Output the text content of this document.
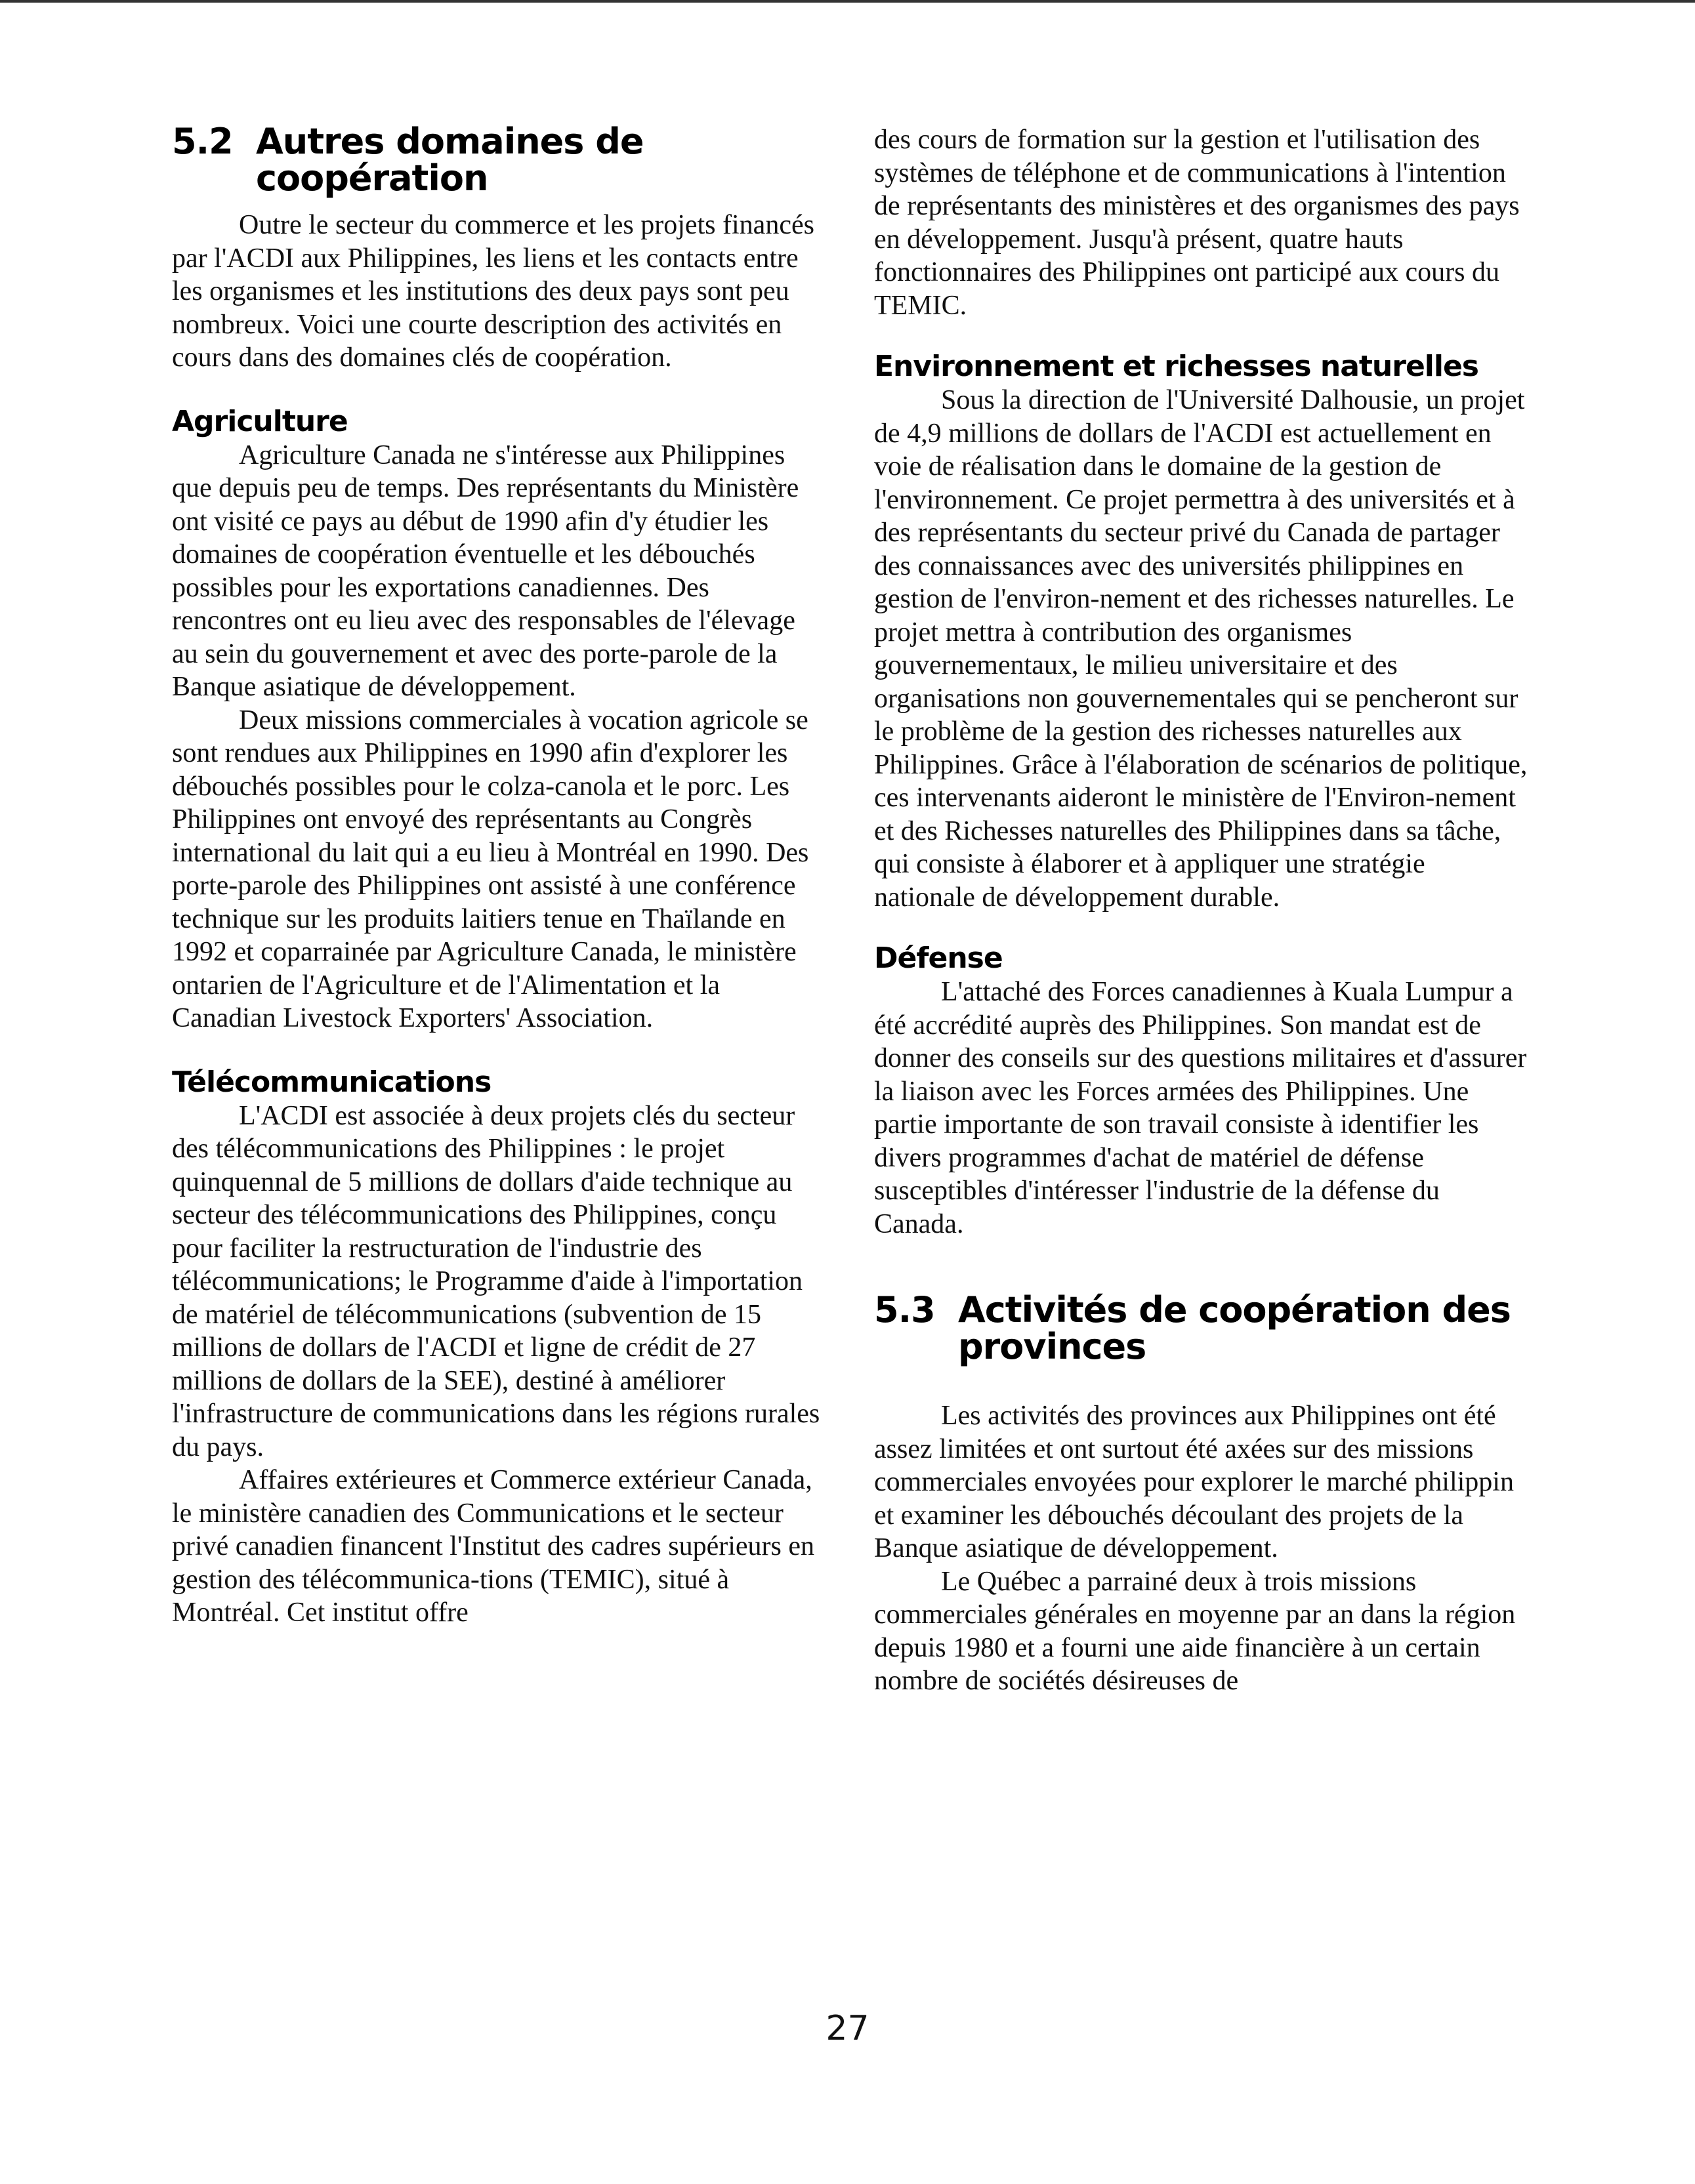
5.2 Autres domaines de coopération

Outre le secteur du commerce et les projets financés par l'ACDI aux Philippines, les liens et les contacts entre les organismes et les institutions des deux pays sont peu nombreux. Voici une courte description des activités en cours dans des domaines clés de coopération.

Agriculture

Agriculture Canada ne s'intéresse aux Philippines que depuis peu de temps. Des représentants du Ministère ont visité ce pays au début de 1990 afin d'y étudier les domaines de coopération éventuelle et les débouchés possibles pour les exportations canadiennes. Des rencontres ont eu lieu avec des responsables de l'élevage au sein du gouvernement et avec des porte-parole de la Banque asiatique de développement.

Deux missions commerciales à vocation agricole se sont rendues aux Philippines en 1990 afin d'explorer les débouchés possibles pour le colza-canola et le porc. Les Philippines ont envoyé des représentants au Congrès international du lait qui a eu lieu à Montréal en 1990. Des porte-parole des Philippines ont assisté à une conférence technique sur les produits laitiers tenue en Thaïlande en 1992 et coparrainée par Agriculture Canada, le ministère ontarien de l'Agriculture et de l'Alimentation et la Canadian Livestock Exporters' Association.

Télécommunications

L'ACDI est associée à deux projets clés du secteur des télécommunications des Philippines : le projet quinquennal de 5 millions de dollars d'aide technique au secteur des télécommunications des Philippines, conçu pour faciliter la restructuration de l'industrie des télécommunications; le Programme d'aide à l'importation de matériel de télécommunications (subvention de 15 millions de dollars de l'ACDI et ligne de crédit de 27 millions de dollars de la SEE), destiné à améliorer l'infrastructure de communications dans les régions rurales du pays.

Affaires extérieures et Commerce extérieur Canada, le ministère canadien des Communications et le secteur privé canadien financent l'Institut des cadres supérieurs en gestion des télécommunica-tions (TEMIC), situé à Montréal. Cet institut offre

des cours de formation sur la gestion et l'utilisation des systèmes de téléphone et de communications à l'intention de représentants des ministères et des organismes des pays en développement. Jusqu'à présent, quatre hauts fonctionnaires des Philippines ont participé aux cours du TEMIC.

Environnement et richesses naturelles

Sous la direction de l'Université Dalhousie, un projet de 4,9 millions de dollars de l'ACDI est actuellement en voie de réalisation dans le domaine de la gestion de l'environnement. Ce projet permettra à des universités et à des représentants du secteur privé du Canada de partager des connaissances avec des universités philippines en gestion de l'environ-nement et des richesses naturelles. Le projet mettra à contribution des organismes gouvernementaux, le milieu universitaire et des organisations non gouvernementales qui se pencheront sur le problème de la gestion des richesses naturelles aux Philippines. Grâce à l'élaboration de scénarios de politique, ces intervenants aideront le ministère de l'Environ-nement et des Richesses naturelles des Philippines dans sa tâche, qui consiste à élaborer et à appliquer une stratégie nationale de développement durable.

Défense

L'attaché des Forces canadiennes à Kuala Lumpur a été accrédité auprès des Philippines. Son mandat est de donner des conseils sur des questions militaires et d'assurer la liaison avec les Forces armées des Philippines. Une partie importante de son travail consiste à identifier les divers programmes d'achat de matériel de défense susceptibles d'intéresser l'industrie de la défense du Canada.

5.3 Activités de coopération des provinces

Les activités des provinces aux Philippines ont été assez limitées et ont surtout été axées sur des missions commerciales envoyées pour explorer le marché philippin et examiner les débouchés découlant des projets de la Banque asiatique de développement.

Le Québec a parrainé deux à trois missions commerciales générales en moyenne par an dans la région depuis 1980 et a fourni une aide financière à un certain nombre de sociétés désireuses de

27
